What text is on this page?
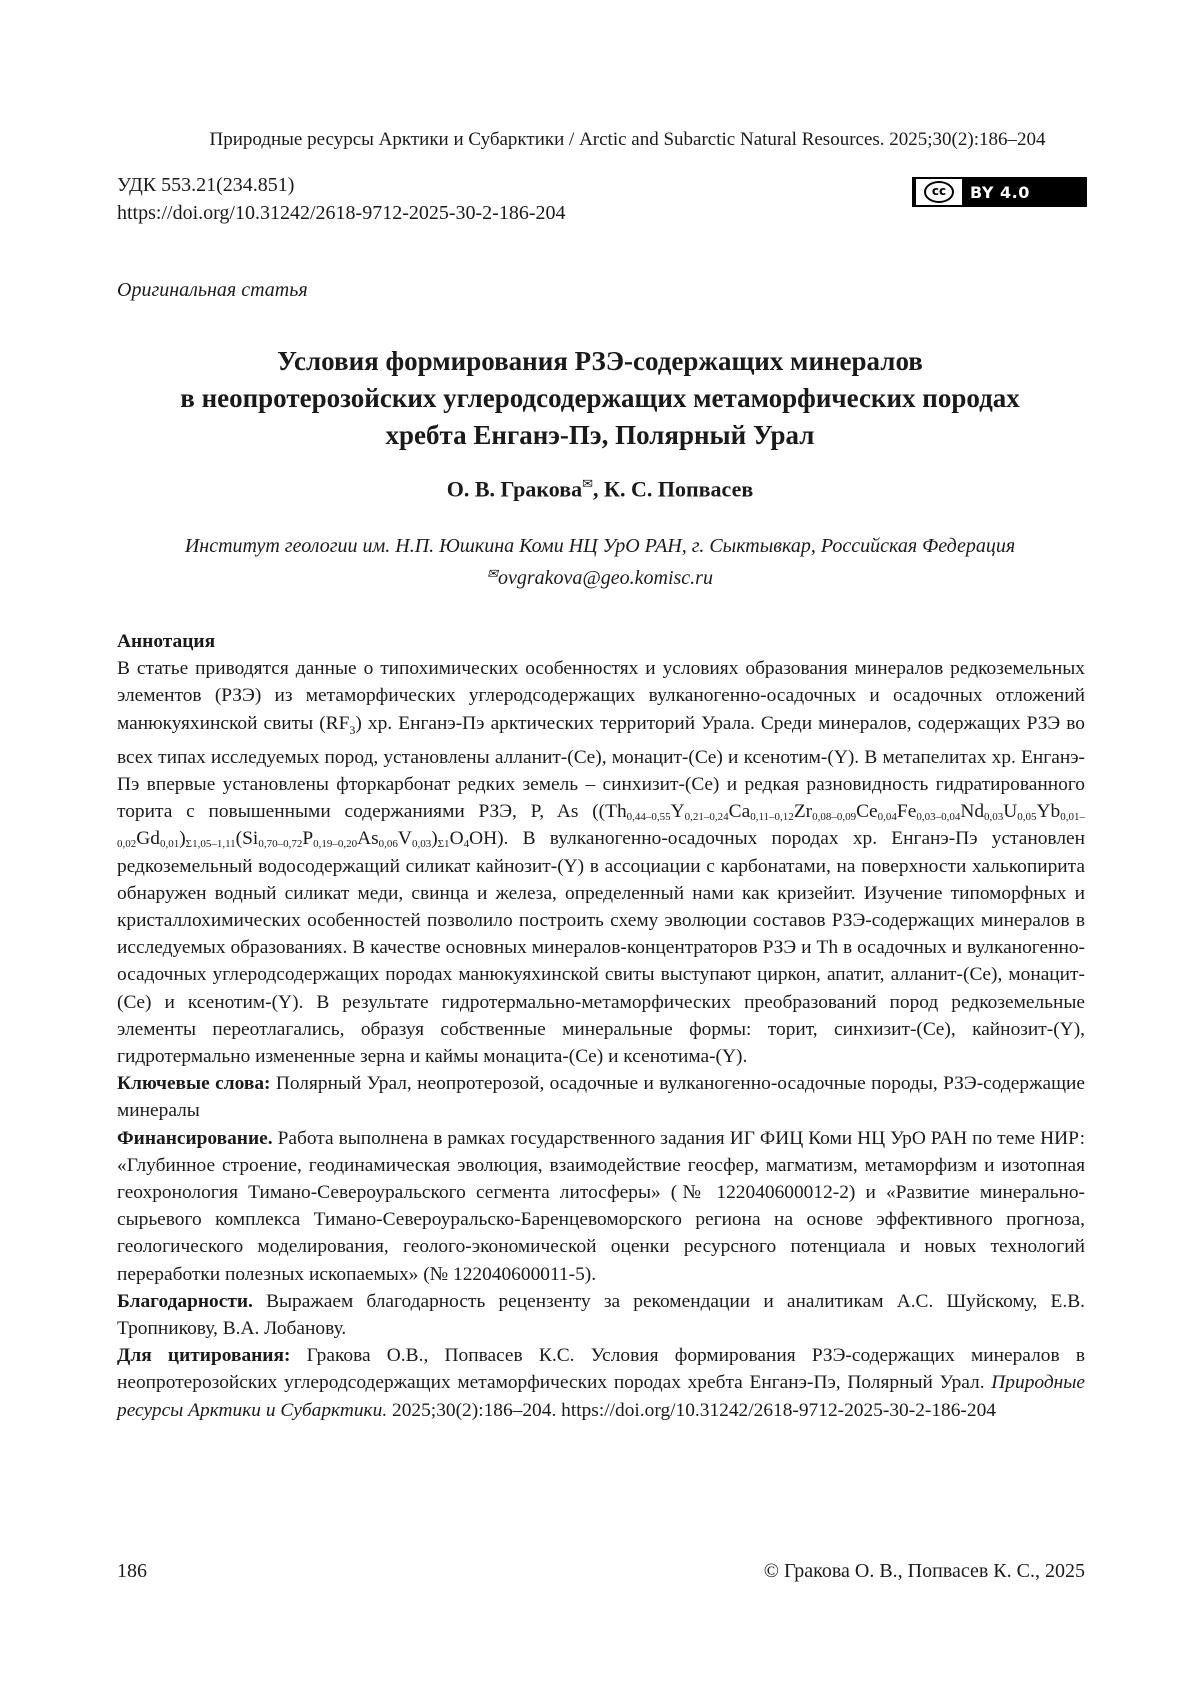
Природные ресурсы Арктики и Субарктики / Arctic and Subarctic Natural Resources. 2025;30(2):186–204
УДК 553.21(234.851)
https://doi.org/10.31242/2618-9712-2025-30-2-186-204
cc	BY 4.0
Оригинальная статья
Условия формирования РЗЭ-содержащих минералов
в неопротерозойских углеродсодержащих метаморфических породах
хребта Енганэ-Пэ, Полярный Урал
О. В. Гракова✉, К. С. Попвасев
Институт геологии им. Н.П. Юшкина Коми НЦ УрО РАН, г. Сыктывкар, Российская Федерация
✉ovgrakova@geo.komisc.ru

Аннотация

В статье приводятся данные о типохимических особенностях и условиях образования минералов редкоземельных элементов (РЗЭ) из метаморфических углеродсодержащих вулканогенно-осадочных и осадочных отложений манюкуяхинской свиты $(RF_3)$ хр. Енганэ-Пэ арктических территорий Урала. Среди минералов, содержащих РЗЭ во всех типах исследуемых пород, установлены алланит-(Ce), монацит-(Ce) и ксенотим-(Y). В метапелитах хр. Енганэ-Пэ впервые установлены фторкарбонат редких земель – синхизит-(Ce) и редкая разновидность гидратированного торита с повышенными содержаниями РЗЭ, P, As $((Th_{0,44-0,55}Y_{0,21-0,24}Ca_{0,11-0,12}Zr_{0,08-0,09}Ce_{0,04}Fe_{0,03-0,04}Nd_{0,03}U_{0,05}Yb_{0,01-0,02}Gd_{0,01})_{\Sigma 1,05-1,11}(Si_{0,70-0,72}P_{0,19-0,20}As_{0,06}V_{0,03})_{\Sigma 1}O_4OH)$. В вулканогенно-осадочных породах хр. Енганэ-Пэ установлен редкоземельный водосодержащий силикат кайнозит-(Y) в ассоциации с карбонатами, на поверхности халькопирита обнаружен водный силикат меди, свинца и железа, определенный нами как кризейит. Изучение типоморфных и кристаллохимических особенностей позволило построить схему эволюции составов РЗЭ-содержащих минералов в исследуемых образованиях. В качестве основных минералов-концентраторов РЗЭ и Th в осадочных и вулканогенно-осадочных углеродсодержащих породах манюкуяхинской свиты выступают циркон, апатит, алланит-(Ce), монацит-(Ce) и ксенотим-(Y). В результате гидротермально-метаморфических преобразований пород редкоземельные элементы переотлагались, образуя собственные минеральные формы: торит, синхизит-(Ce), кайнозит-(Y), гидротермально измененные зерна и каймы монацита-(Ce) и ксенотима-(Y).

Ключевые слова: Полярный Урал, неопротерозой, осадочные и вулканогенно-осадочные породы, РЗЭ-содержащие минералы

Финансирование. Работа выполнена в рамках государственного задания ИГ ФИЦ Коми НЦ УрО РАН по теме НИР: «Глубинное строение, геодинамическая эволюция, взаимодействие геосфер, магматизм, метаморфизм и изотопная геохронология Тимано-Североуральского сегмента литосферы» (№ 122040600012-2) и «Развитие минерально-сырьевого комплекса Тимано-Североуральско-Баренцевоморского региона на основе эффективного прогноза, геологического моделирования, геолого-экономической оценки ресурсного потенциала и новых технологий переработки полезных ископаемых» (№ 122040600011-5).

Благодарности. Выражаем благодарность рецензенту за рекомендации и аналитикам А.С. Шуйскому, Е.В. Тропникову, В.А. Лобанову.

Для цитирования: Гракова О.В., Попвасев К.С. Условия формирования РЗЭ-содержащих минералов в неопротерозойских углеродсодержащих метаморфических породах хребта Енганэ-Пэ, Полярный Урал. Природные ресурсы Арктики и Субарктики. 2025;30(2):186–204. https://doi.org/10.31242/2618-9712-2025-30-2-186-204

186	© Гракова О. В., Попвасев К. С., 2025
